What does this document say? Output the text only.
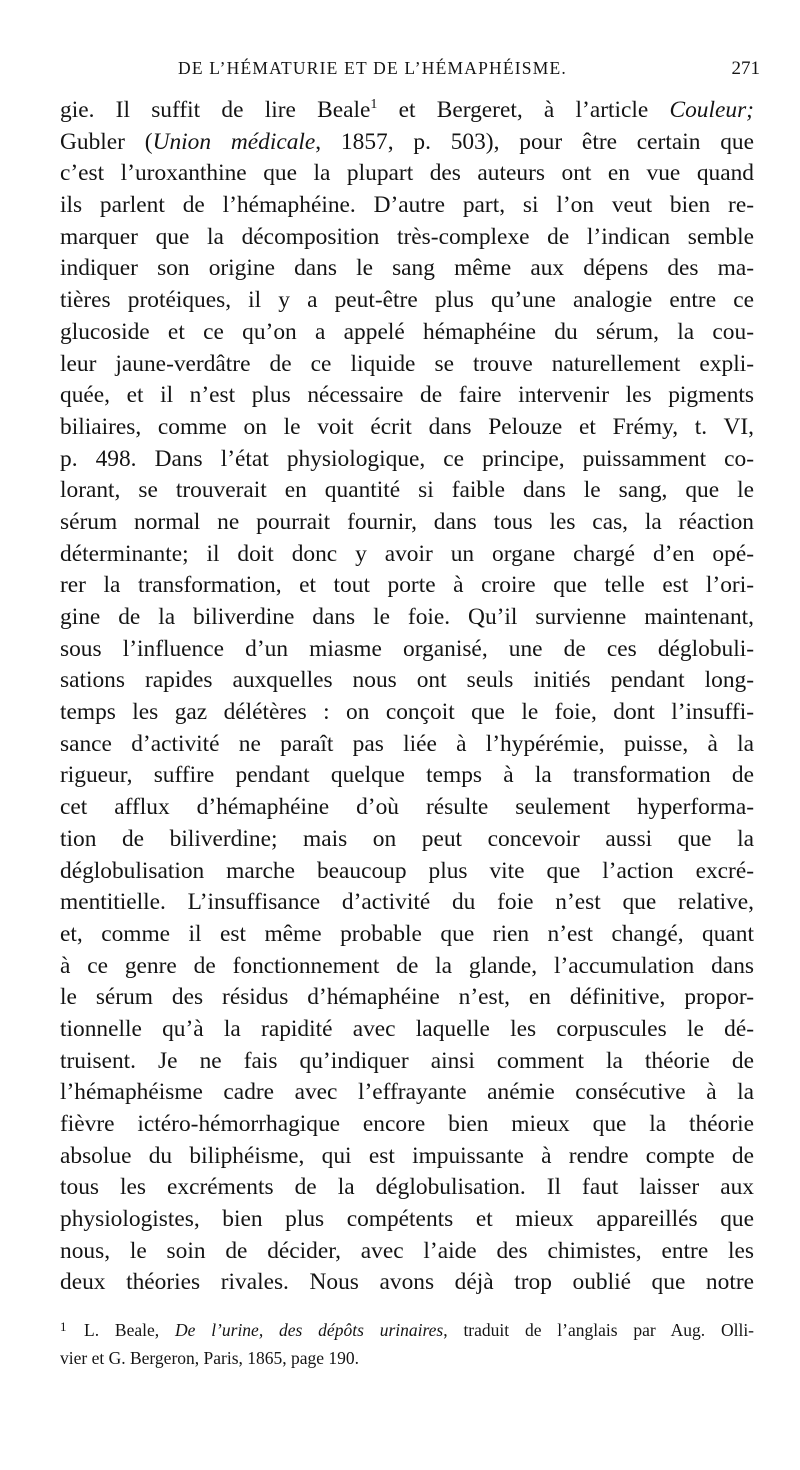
DE L’HÉMATURIE ET DE L’HÉMAPHÉISME.	271
gie. Il suffit de lire Beale$^1$ et Bergeret, à l’article Couleur;
Gubler (Union médicale, 1857, p. 503), pour être certain que
c’est l’uroxanthine que la plupart des auteurs ont en vue quand
ils parlent de l’hémaphéine. D’autre part, si l’on veut bien re-
marquer que la décomposition très-complexe de l’indican semble
indiquer son origine dans le sang même aux dépens des ma-
tières protéiques, il y a peut-être plus qu’une analogie entre ce
glucoside et ce qu’on a appelé hémaphéine du sérum, la cou-
leur jaune-verdâtre de ce liquide se trouve naturellement expli-
quée, et il n’est plus nécessaire de faire intervenir les pigments
biliaires, comme on le voit écrit dans Pelouze et Frémy, t. VI,
p. 498. Dans l’état physiologique, ce principe, puissamment co-
lorant, se trouverait en quantité si faible dans le sang, que le
sérum normal ne pourrait fournir, dans tous les cas, la réaction
déterminante; il doit donc y avoir un organe chargé d’en opé-
rer la transformation, et tout porte à croire que telle est l’ori-
gine de la biliverdine dans le foie. Qu’il survienne maintenant,
sous l’influence d’un miasme organisé, une de ces déglobuli-
sations rapides auxquelles nous ont seuls initiés pendant long-
temps les gaz délétères : on conçoit que le foie, dont l’insuffi-
sance d’activité ne paraît pas liée à l’hypérémie, puisse, à la
rigueur, suffire pendant quelque temps à la transformation de
cet afflux d’hémaphéine d’où résulte seulement hyperforma-
tion de biliverdine; mais on peut concevoir aussi que la
déglobulisation marche beaucoup plus vite que l’action excré-
mentitielle. L’insuffisance d’activité du foie n’est que relative,
et, comme il est même probable que rien n’est changé, quant
à ce genre de fonctionnement de la glande, l’accumulation dans
le sérum des résidus d’hémaphéine n’est, en définitive, propor-
tionnelle qu’à la rapidité avec laquelle les corpuscules le dé-
truisent. Je ne fais qu’indiquer ainsi comment la théorie de
l’hémaphéisme cadre avec l’effrayante anémie consécutive à la
fièvre ictéro-hémorrhagique encore bien mieux que la théorie
absolue du biliphéisme, qui est impuissante à rendre compte de
tous les excréments de la déglobulisation. Il faut laisser aux
physiologistes, bien plus compétents et mieux appareillés que
nous, le soin de décider, avec l’aide des chimistes, entre les
deux théories rivales. Nous avons déjà trop oublié que notre
1 L. Beale, De l’urine, des dépôts urinaires, traduit de l’anglais par Aug. Olli-
vier et G. Bergeron, Paris, 1865, page 190.
